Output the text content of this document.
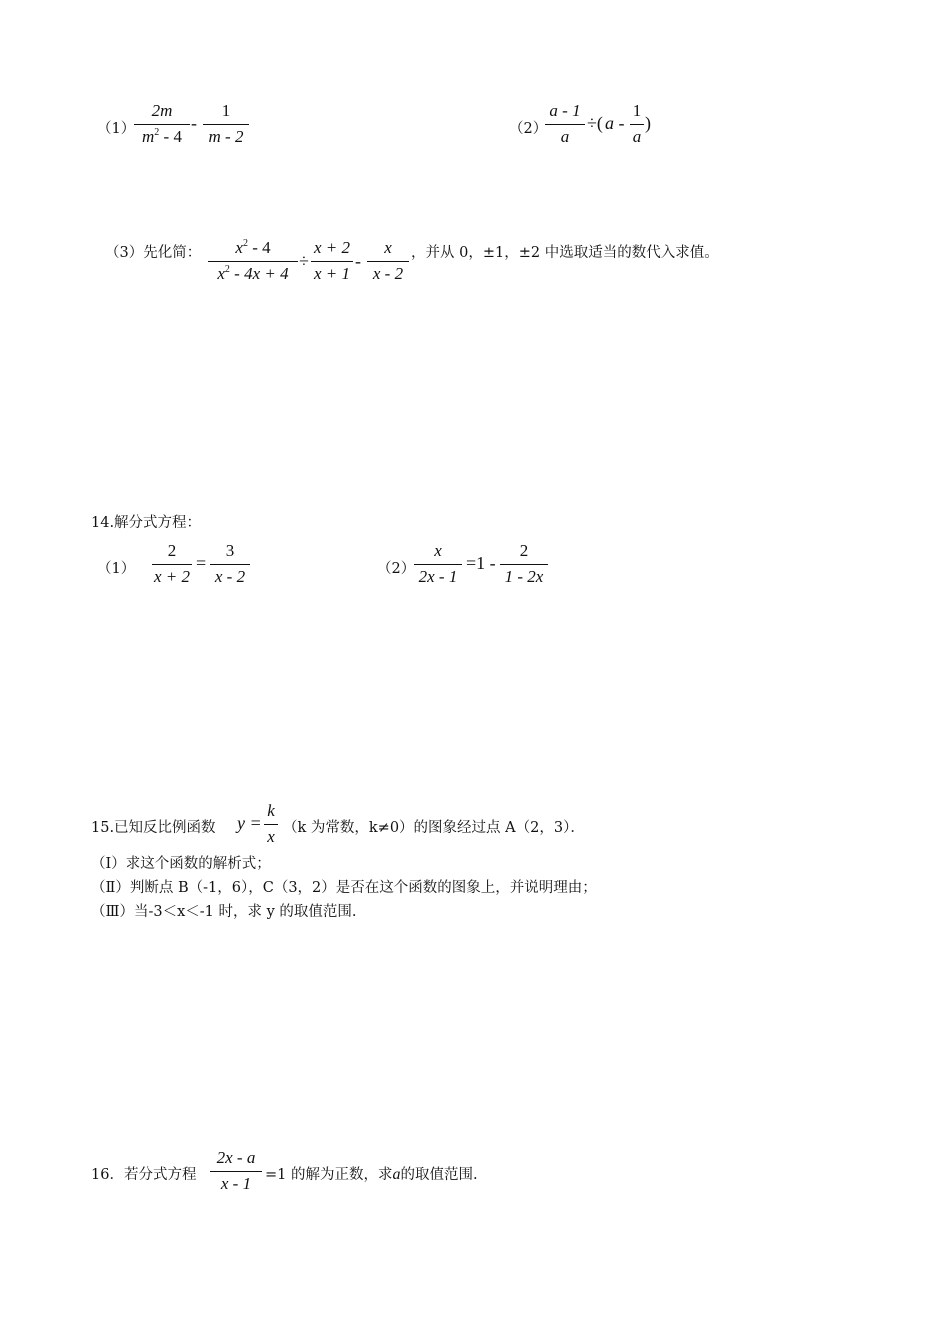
（1）
2m
$m^2 - 4$
-
1
m - 2	（2）
a - 1
a
÷( a -
1
a
)
（3）先化简：	$x^2 - 4$
$x^2 - 4x + 4$
÷
x + 2
x + 1
-
x
x - 2
，并从 0，±1，±2 中选取适当的数代入求值。
14.解分式方程：
（1）
2
x + 2
=
3
x - 2	（2）
x
2x - 1
=1 -
2
1 - 2x
15.已知反比例函数 y =
k
x （k 为常数，k≠0）的图象经过点 A（2，3）．
（Ⅰ）求这个函数的解析式；
（Ⅱ）判断点 B（-1，6），C（3，2）是否在这个函数的图象上，并说明理由；
（Ⅲ）当-3＜x＜-1 时，求 y 的取值范围.
16．若分式方程
2x - a
x - 1 =1 的解为正数，求a的取值范围.
